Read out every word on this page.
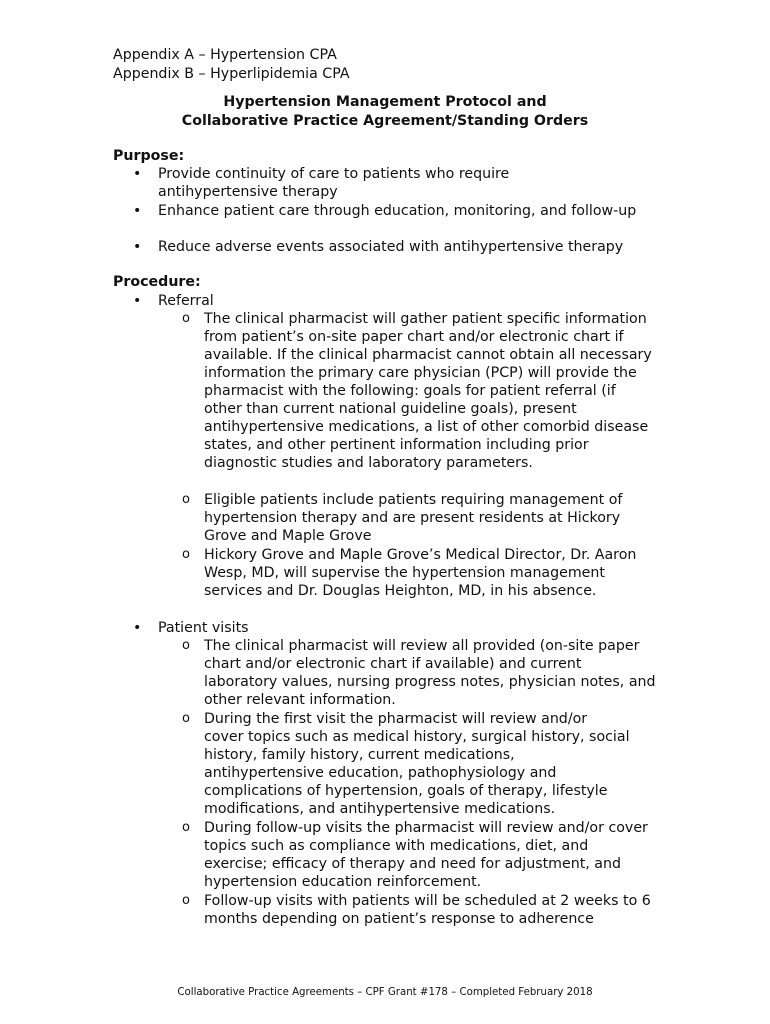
Appendix A – Hypertension CPA
Appendix B – Hyperlipidemia CPA
Hypertension Management Protocol and
Collaborative Practice Agreement/Standing Orders
Purpose:
•	Provide continuity of care to patients who require antihypertensive therapy
•	Enhance patient care through education, monitoring, and follow-up
•	Reduce adverse events associated with antihypertensive therapy
Procedure:
•	Referral
o The clinical pharmacist will gather patient specific information from patient’s on-site paper chart and/or electronic chart if available. If the clinical pharmacist cannot obtain all necessary information the primary care physician (PCP) will provide the pharmacist with the following: goals for patient referral (if other than current national guideline goals), present antihypertensive medications, a list of other comorbid disease states, and other pertinent information including prior diagnostic studies and laboratory parameters.
o Eligible patients include patients requiring management of hypertension therapy and are present residents at Hickory Grove and Maple Grove
o Hickory Grove and Maple Grove’s Medical Director, Dr. Aaron Wesp, MD, will supervise the hypertension management services and Dr. Douglas Heighton, MD, in his absence.
•	Patient visits
o The clinical pharmacist will review all provided (on-site paper chart and/or electronic chart if available) and current laboratory values, nursing progress notes, physician notes, and other relevant information.
o During the first visit the pharmacist will review and/or cover topics such as medical history, surgical history, social history, family history, current medications, antihypertensive education, pathophysiology and complications of hypertension, goals of therapy, lifestyle modifications, and antihypertensive medications.
o During follow-up visits the pharmacist will review and/or cover topics such as compliance with medications, diet, and exercise; efficacy of therapy and need for adjustment, and hypertension education reinforcement.
o Follow-up visits with patients will be scheduled at 2 weeks to 6 months depending on patient’s response to adherence
Collaborative Practice Agreements – CPF Grant #178 – Completed February 2018
